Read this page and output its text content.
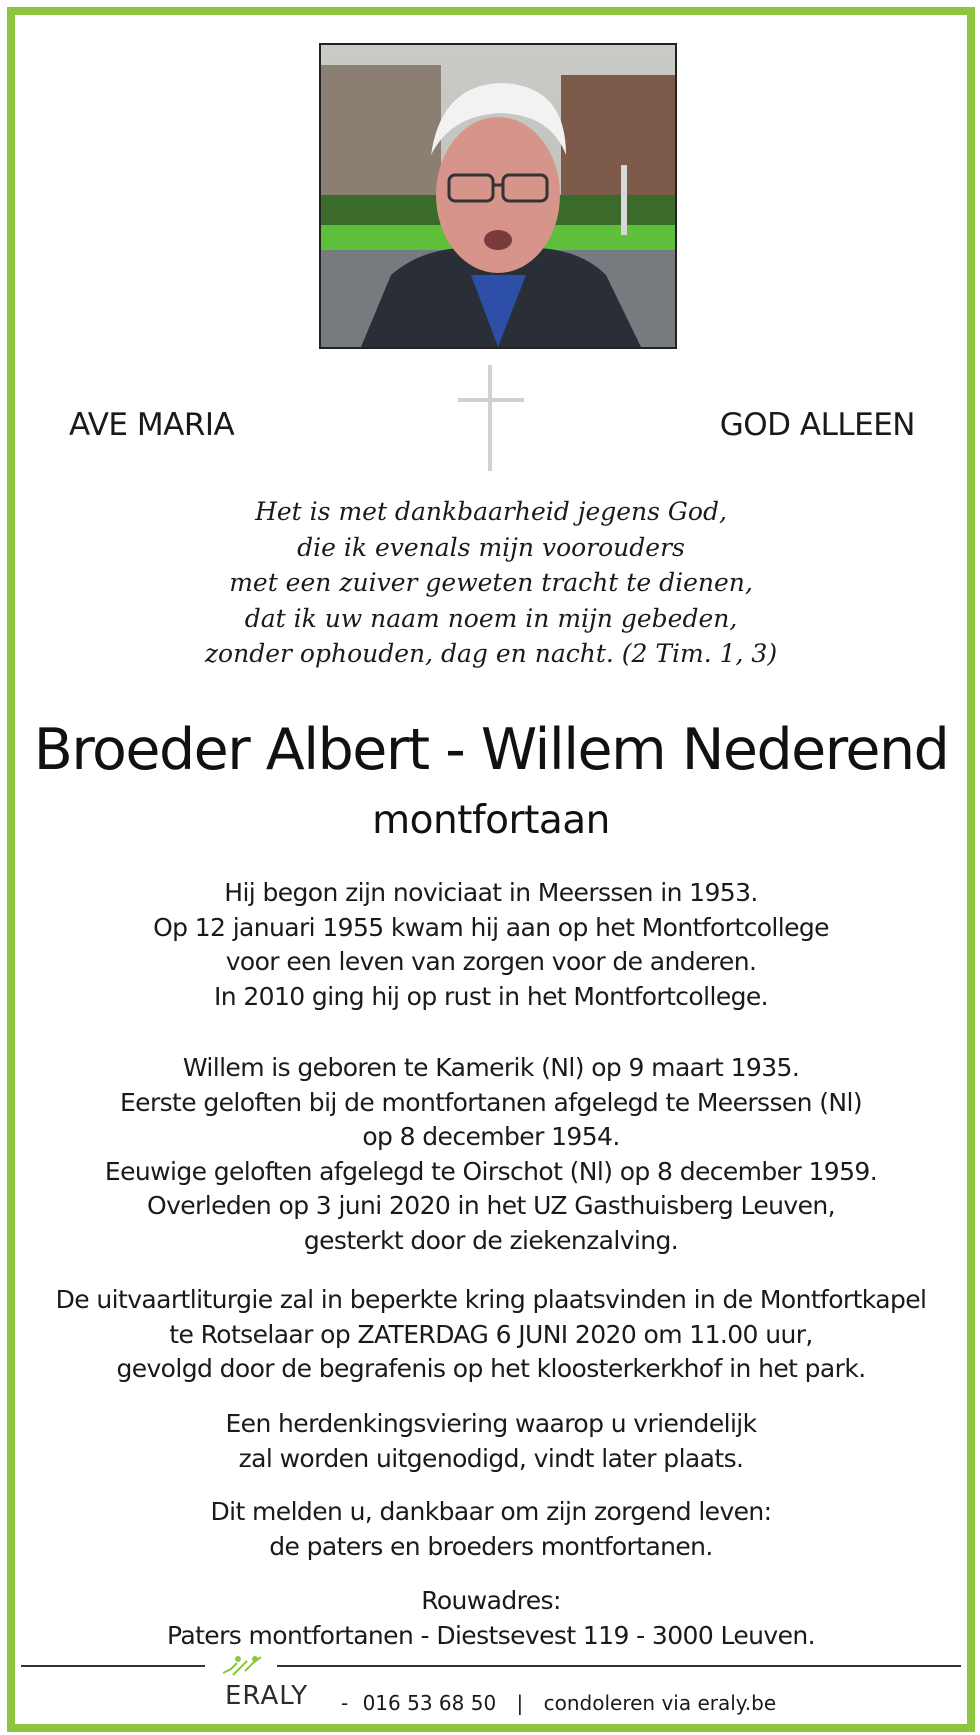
AVE MARIA	GOD ALLEEN
Het is met dankbaarheid jegens God,
die ik evenals mijn voorouders
met een zuiver geweten tracht te dienen,
dat ik uw naam noem in mijn gebeden,
zonder ophouden, dag en nacht. (2 Tim. 1, 3)
Broeder Albert - Willem Nederend
montfortaan
Hij begon zijn noviciaat in Meerssen in 1953.
Op 12 januari 1955 kwam hij aan op het Montfortcollege
voor een leven van zorgen voor de anderen.
In 2010 ging hij op rust in het Montfortcollege.
Willem is geboren te Kamerik (Nl) op 9 maart 1935.
Eerste geloften bij de montfortanen afgelegd te Meerssen (Nl)
op 8 december 1954.
Eeuwige geloften afgelegd te Oirschot (Nl) op 8 december 1959.
Overleden op 3 juni 2020 in het UZ Gasthuisberg Leuven,
gesterkt door de ziekenzalving.
De uitvaartliturgie zal in beperkte kring plaatsvinden in de Montfortkapel
te Rotselaar op ZATERDAG 6 JUNI 2020 om 11.00 uur,
gevolgd door de begrafenis op het kloosterkerkhof in het park.
Een herdenkingsviering waarop u vriendelijk
zal worden uitgenodigd, vindt later plaats.
Dit melden u, dankbaar om zijn zorgend leven:
de paters en broeders montfortanen.
Rouwadres:
Paters montfortanen - Diestsevest 119 - 3000 Leuven.
ERALY - 016 53 68 50 | condoleren via eraly.be
